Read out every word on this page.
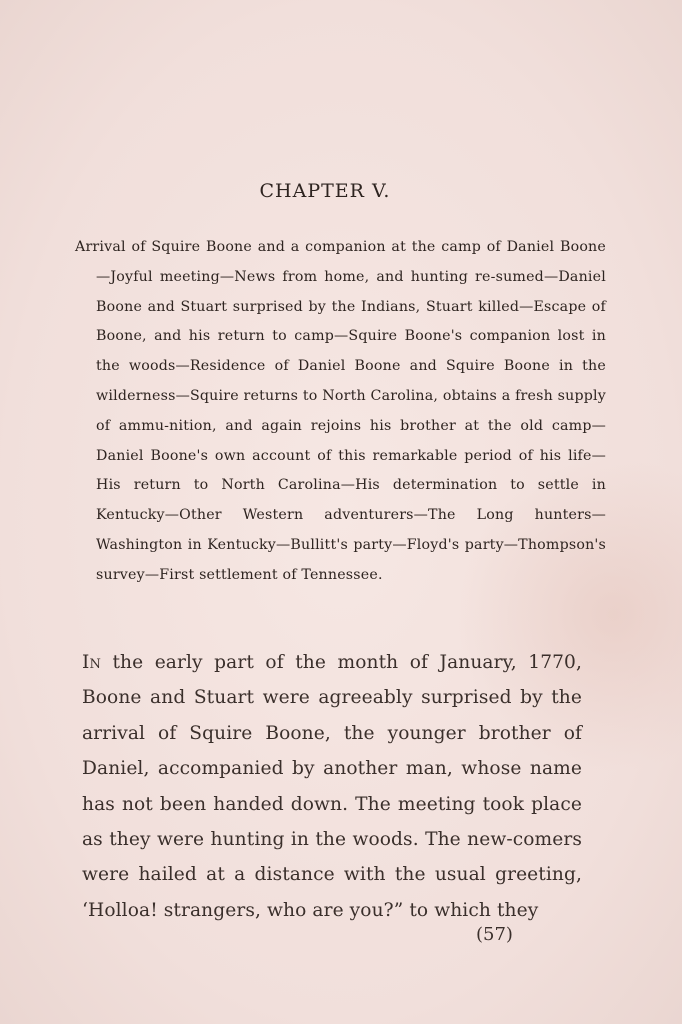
CHAPTER V.
Arrival of Squire Boone and a companion at the camp of Daniel Boone—Joyful meeting—News from home, and hunting re-sumed—Daniel Boone and Stuart surprised by the Indians, Stuart killed—Escape of Boone, and his return to camp—Squire Boone's companion lost in the woods—Residence of Daniel Boone and Squire Boone in the wilderness—Squire returns to North Carolina, obtains a fresh supply of ammu-nition, and again rejoins his brother at the old camp—Daniel Boone's own account of this remarkable period of his life—His return to North Carolina—His determination to settle in Kentucky—Other Western adventurers—The Long hunters—Washington in Kentucky—Bullitt's party—Floyd's party—Thompson's survey—First settlement of Tennessee.
In the early part of the month of January, 1770, Boone and Stuart were agreeably surprised by the arrival of Squire Boone, the younger brother of Daniel, accompanied by another man, whose name has not been handed down. The meeting took place as they were hunting in the woods. The new-comers were hailed at a distance with the usual greeting, ‘Holloa! strangers, who are you?” to which they
(57)
